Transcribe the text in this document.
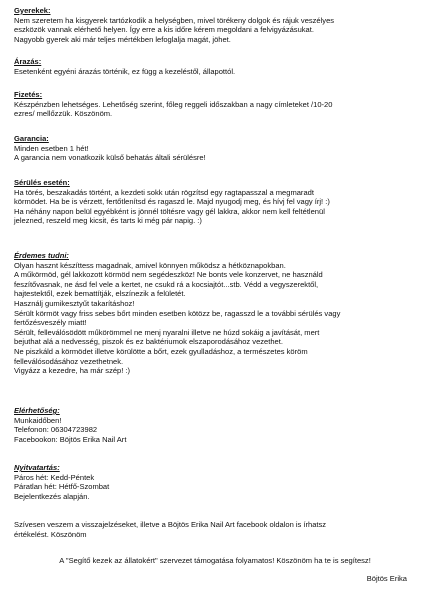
Gyerekek:
Nem szeretem ha kisgyerek tartózkodik a helységben, mivel törékeny dolgok és rájuk veszélyes
eszközök vannak elérhető helyen. Így erre a kis időre kérem megoldani a felvigyázásukat.
Nagyobb gyerek aki már teljes mértékben lefoglalja magát, jöhet.
Árazás:
Esetenként egyéni árazás történik, ez függ a kezeléstől, állapottól.
Fizetés:
Készpénzben lehetséges. Lehetőség szerint, főleg reggeli időszakban a nagy címleteket /10-20
ezres/ mellőzzük. Köszönöm.
Garancia:
Minden esetben 1 hét!
A garancia nem vonatkozik külső behatás általi sérülésre!
Sérülés esetén:
Ha törés, beszakadás történt, a kezdeti sokk után rögzítsd egy ragtapasszal a megmaradt
körmödet. Ha be is vérzett, fertőtlenítsd és ragaszd le. Majd nyugodj meg, és hívj fel vagy írj! :)
Ha néhány napon belül egyébként is jönnél töltésre vagy gél lakkra, akkor nem kell feltétlenül
jelezned, reszeld meg kicsit, és tarts ki még pár napig. :)
Érdemes tudni:
Olyan hasznt készíttess magadnak, amivel könnyen működsz a hétköznapokban.
A műkörmöd, gél lakkozott körmöd nem segédeszköz! Ne bonts vele konzervet, ne használd
feszítővasnak, ne ásd fel vele a kertet, ne csukd rá a kocsiajtót...stb. Védd a vegyszerektől,
hajtestektől, ezek bemattítják, elszínezik a felületét.
Használj gumikesztyűt takarításhoz!
Sérült körmöt vagy friss sebes bőrt minden esetben kötözz be, ragasszd le a további sérülés vagy
fertőzésveszély miatt!
Sérült, felleválósödött műkörömmel ne menj nyaralni illetve ne húzd sokáig a javítását, mert
bejuthat alá a nedvesség, piszok és ez baktériumok elszaporodásához vezethet.
Ne piszkáld a körmödet illetve körülötte a bőrt, ezek gyulladáshoz, a természetes köröm
felleválósodásához vezethetnek.
Vigyázz a kezedre, ha már szép! :)
Elérhetőség:
Munkaidőben!
Telefonon: 06304723982
Facebookon: Böjtös Erika Nail Art
Nyitvatartás:
Páros hét: Kedd-Péntek
Páratlan hét: Hétfő-Szombat
Bejelentkezés alapján.
Szívesen veszem a visszajelzéseket, illetve a Böjtös Erika Nail Art facebook oldalon is írhatsz
értékelést. Köszönöm
A "Segítő kezek az állatokért" szervezet támogatása folyamatos! Köszönöm ha te is segítesz!
Böjtös Erika
